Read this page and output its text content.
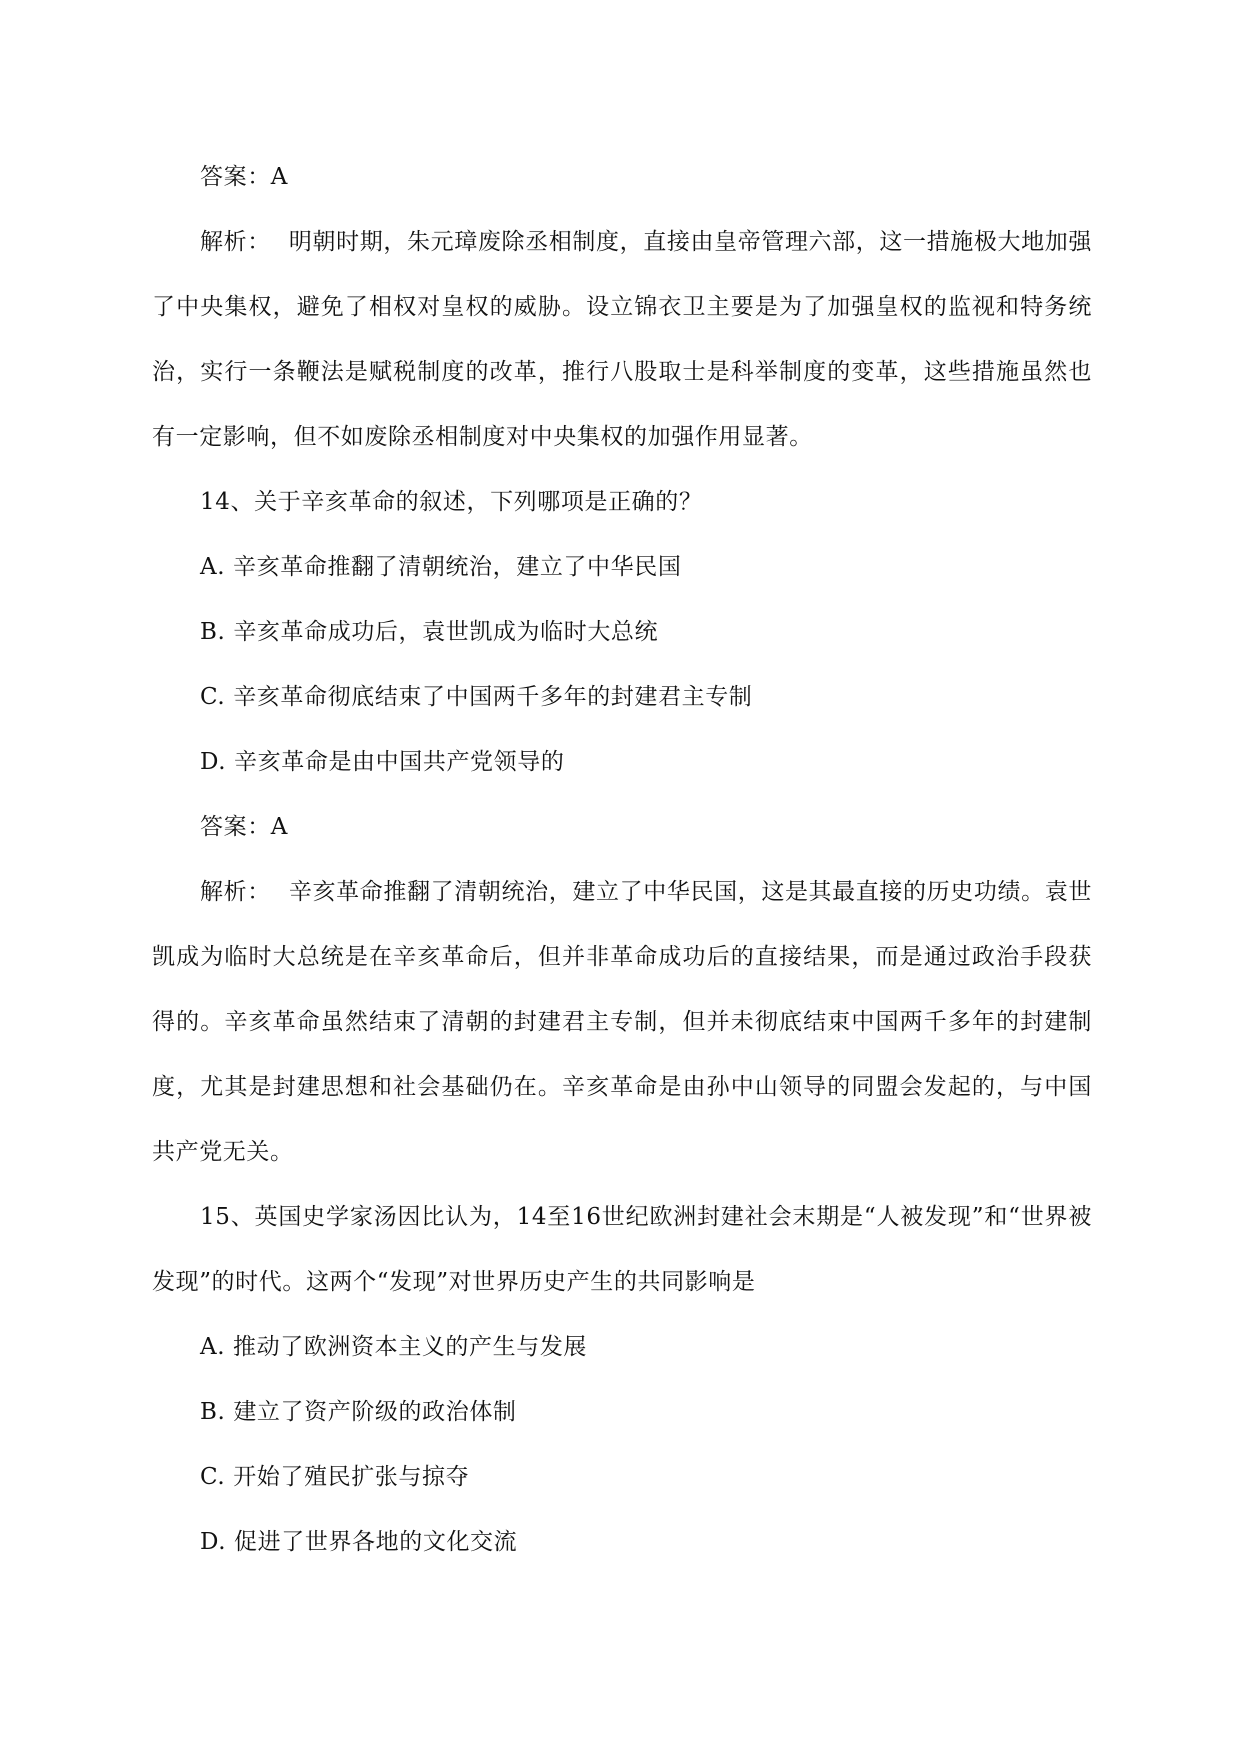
答案：A

解析： 明朝时期，朱元璋废除丞相制度，直接由皇帝管理六部，这一措施极大地加强了中央集权，避免了相权对皇权的威胁。设立锦衣卫主要是为了加强皇权的监视和特务统治，实行一条鞭法是赋税制度的改革，推行八股取士是科举制度的变革，这些措施虽然也有一定影响，但不如废除丞相制度对中央集权的加强作用显著。

14、关于辛亥革命的叙述，下列哪项是正确的？

A. 辛亥革命推翻了清朝统治，建立了中华民国

B. 辛亥革命成功后，袁世凯成为临时大总统

C. 辛亥革命彻底结束了中国两千多年的封建君主专制

D. 辛亥革命是由中国共产党领导的

答案：A

解析： 辛亥革命推翻了清朝统治，建立了中华民国，这是其最直接的历史功绩。袁世凯成为临时大总统是在辛亥革命后，但并非革命成功后的直接结果，而是通过政治手段获得的。辛亥革命虽然结束了清朝的封建君主专制，但并未彻底结束中国两千多年的封建制度，尤其是封建思想和社会基础仍在。辛亥革命是由孙中山领导的同盟会发起的，与中国共产党无关。

15、英国史学家汤因比认为，14至16世纪欧洲封建社会末期是“人被发现”和“世界被发现”的时代。这两个“发现”对世界历史产生的共同影响是

A. 推动了欧洲资本主义的产生与发展

B. 建立了资产阶级的政治体制

C. 开始了殖民扩张与掠夺

D. 促进了世界各地的文化交流
